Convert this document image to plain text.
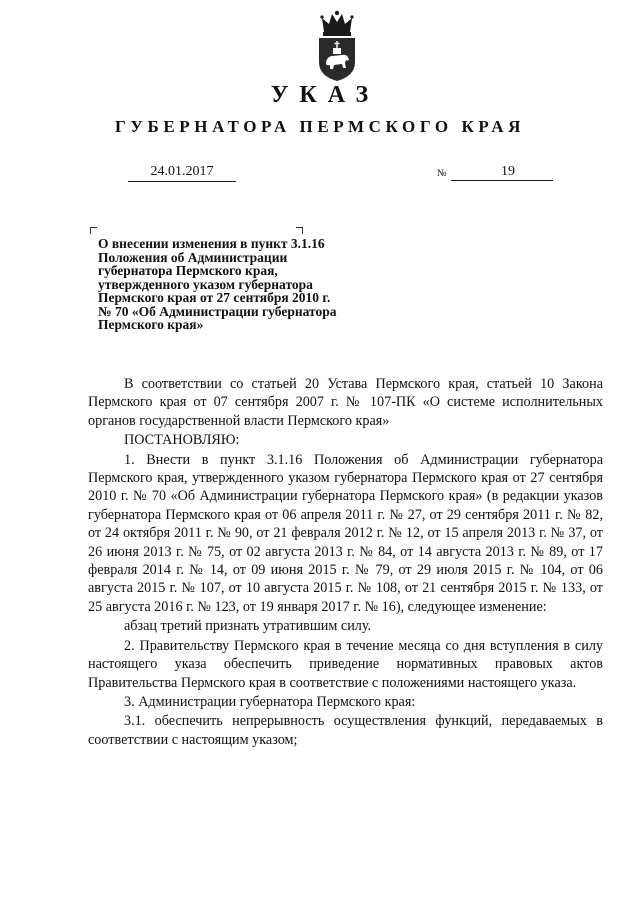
УКАЗ
ГУБЕРНАТОРА ПЕРМСКОГО КРАЯ
24.01.2017	№	19
О внесении изменения в пункт 3.1.16
Положения об Администрации
губернатора Пермского края,
утвержденного указом губернатора
Пермского края от 27 сентября 2010 г.
№ 70 «Об Администрации губернатора
Пермского края»

В соответствии со статьей 20 Устава Пермского края, статьей 10 Закона Пермского края от 07 сентября 2007 г. № 107-ПК «О системе исполнительных органов государственной власти Пермского края»

ПОСТАНОВЛЯЮ:

1. Внести в пункт 3.1.16 Положения об Администрации губернатора Пермского края, утвержденного указом губернатора Пермского края от 27 сентября 2010 г. № 70 «Об Администрации губернатора Пермского края» (в редакции указов губернатора Пермского края от 06 апреля 2011 г. № 27, от 29 сентября 2011 г. № 82, от 24 октября 2011 г. № 90, от 21 февраля 2012 г. № 12, от 15 апреля 2013 г. № 37, от 26 июня 2013 г. № 75, от 02 августа 2013 г. № 84, от 14 августа 2013 г. № 89, от 17 февраля 2014 г. № 14, от 09 июня 2015 г. № 79, от 29 июля 2015 г. № 104, от 06 августа 2015 г. № 107, от 10 августа 2015 г. № 108, от 21 сентября 2015 г. № 133, от 25 августа 2016 г. № 123, от 19 января 2017 г. № 16), следующее изменение:

абзац третий признать утратившим силу.

2. Правительству Пермского края в течение месяца со дня вступления в силу настоящего указа обеспечить приведение нормативных правовых актов Правительства Пермского края в соответствие с положениями настоящего указа.

3. Администрации губернатора Пермского края:

3.1. обеспечить непрерывность осуществления функций, передаваемых в соответствии с настоящим указом;
